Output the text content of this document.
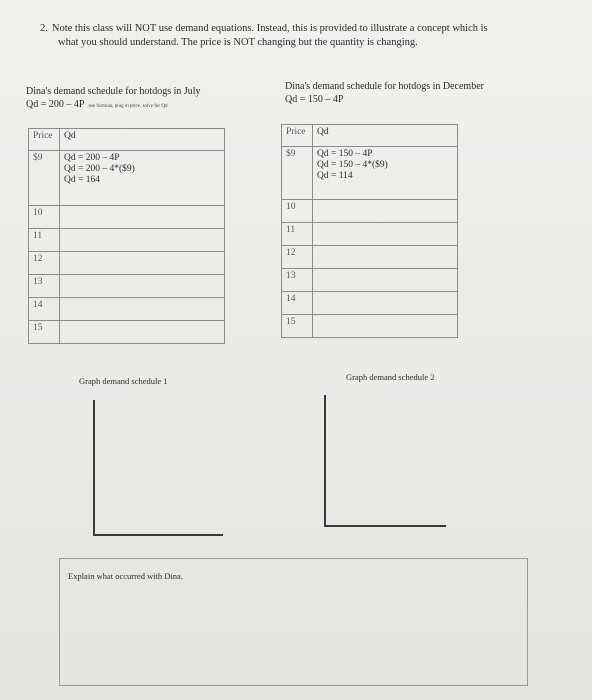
2. Note this class will NOT use demand equations. Instead, this is provided to illustrate a concept which is
what you should understand. The price is NOT changing but the quantity is changing.
Dina's demand schedule for hotdogs in July
Qd = 200 – 4P use formula, plug in price, solve for Qd
Dina's demand schedule for hotdogs in December
Qd = 150 – 4P
Price	Qd
$9	Qd = 200 – 4P
Qd = 200 – 4*($9)
Qd = 164

10	
11	
12	
13	
14	
15	
Price	Qd
$9	Qd = 150 – 4P
Qd = 150 – 4*($9)
Qd = 114

10	
11	
12	
13	
14	
15	
Graph demand schedule 1	Graph demand schedule 2
Explain what occurred with Dina.
